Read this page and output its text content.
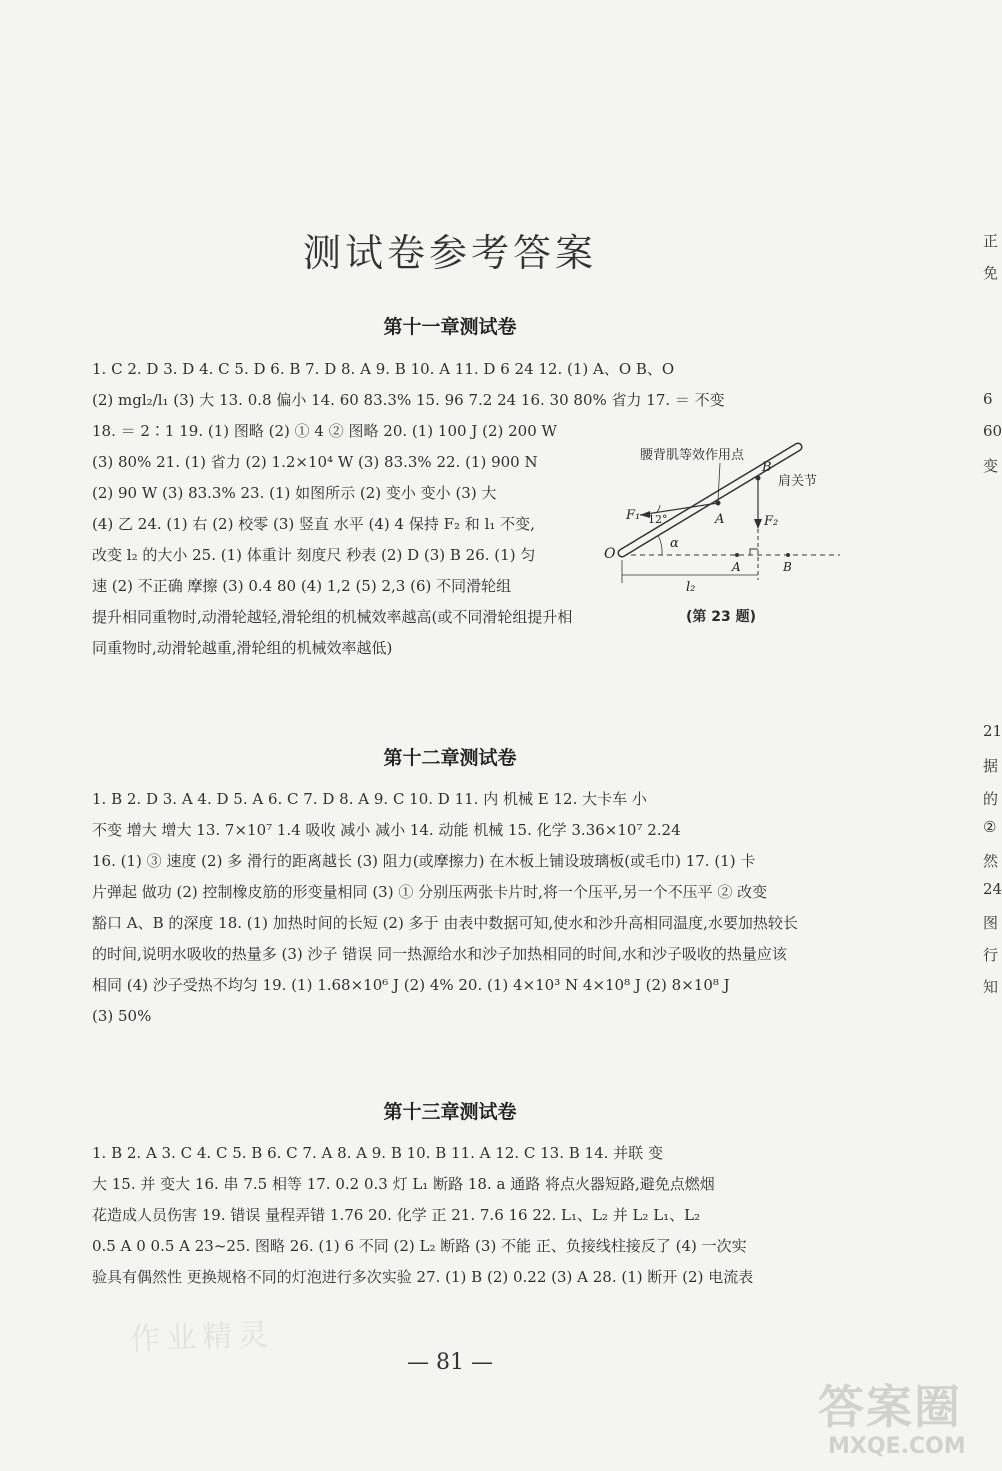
测试卷参考答案
第十一章测试卷
1. C 2. D 3. D 4. C 5. D 6. B 7. D 8. A 9. B 10. A 11. D 6 24 12. (1) A、O B、O
(2) mgl₂/l₁ (3) 大 13. 0.8 偏小 14. 60 83.3% 15. 96 7.2 24 16. 30 80% 省力 17. ＝ 不变
18. ＝ 2∶1 19. (1) 图略 (2) ① 4 ② 图略 20. (1) 100 J (2) 200 W
(3) 80% 21. (1) 省力 (2) 1.2×10⁴ W (3) 83.3% 22. (1) 900 N
(2) 90 W (3) 83.3% 23. (1) 如图所示 (2) 变小 变小 (3) 大
(4) 乙 24. (1) 右 (2) 校零 (3) 竖直 水平 (4) 4 保持 F₂ 和 l₁ 不变,
改变 l₂ 的大小 25. (1) 体重计 刻度尺 秒表 (2) D (3) B 26. (1) 匀
速 (2) 不正确 摩擦 (3) 0.4 80 (4) 1,2 (5) 2,3 (6) 不同滑轮组
提升相同重物时,动滑轮越轻,滑轮组的机械效率越高(或不同滑轮组提升相
同重物时,动滑轮越重,滑轮组的机械效率越低)
腰背肌等效作用点
肩关节
O
A
B
A	B
F₁	F₂
12°
α
l₂
(第 23 题)
第十二章测试卷
1. B 2. D 3. A 4. D 5. A 6. C 7. D 8. A 9. C 10. D 11. 内 机械 E 12. 大卡车 小
不变 增大 增大 13. 7×10⁷ 1.4 吸收 减小 减小 14. 动能 机械 15. 化学 3.36×10⁷ 2.24
16. (1) ③ 速度 (2) 多 滑行的距离越长 (3) 阻力(或摩擦力) 在木板上铺设玻璃板(或毛巾) 17. (1) 卡
片弹起 做功 (2) 控制橡皮筋的形变量相同 (3) ① 分别压两张卡片时,将一个压平,另一个不压平 ② 改变
豁口 A、B 的深度 18. (1) 加热时间的长短 (2) 多于 由表中数据可知,使水和沙升高相同温度,水要加热较长
的时间,说明水吸收的热量多 (3) 沙子 错误 同一热源给水和沙子加热相同的时间,水和沙子吸收的热量应该
相同 (4) 沙子受热不均匀 19. (1) 1.68×10⁶ J (2) 4% 20. (1) 4×10³ N 4×10⁸ J (2) 8×10⁸ J
(3) 50%
第十三章测试卷
1. B 2. A 3. C 4. C 5. B 6. C 7. A 8. A 9. B 10. B 11. A 12. C 13. B 14. 并联 变
大 15. 并 变大 16. 串 7.5 相等 17. 0.2 0.3 灯 L₁ 断路 18. a 通路 将点火器短路,避免点燃烟
花造成人员伤害 19. 错误 量程弄错 1.76 20. 化学 正 21. 7.6 16 22. L₁、L₂ 并 L₂ L₁、L₂
0.5 A 0 0.5 A 23~25. 图略 26. (1) 6 不同 (2) L₂ 断路 (3) 不能 正、负接线柱接反了 (4) 一次实
验具有偶然性 更换规格不同的灯泡进行多次实验 27. (1) B (2) 0.22 (3) A 28. (1) 断开 (2) 电流表
正
免
6
60
变
21
据
的
②
然
24
图
行
知
作业精灵
— 81 —
答案圈
MXQE.COM
